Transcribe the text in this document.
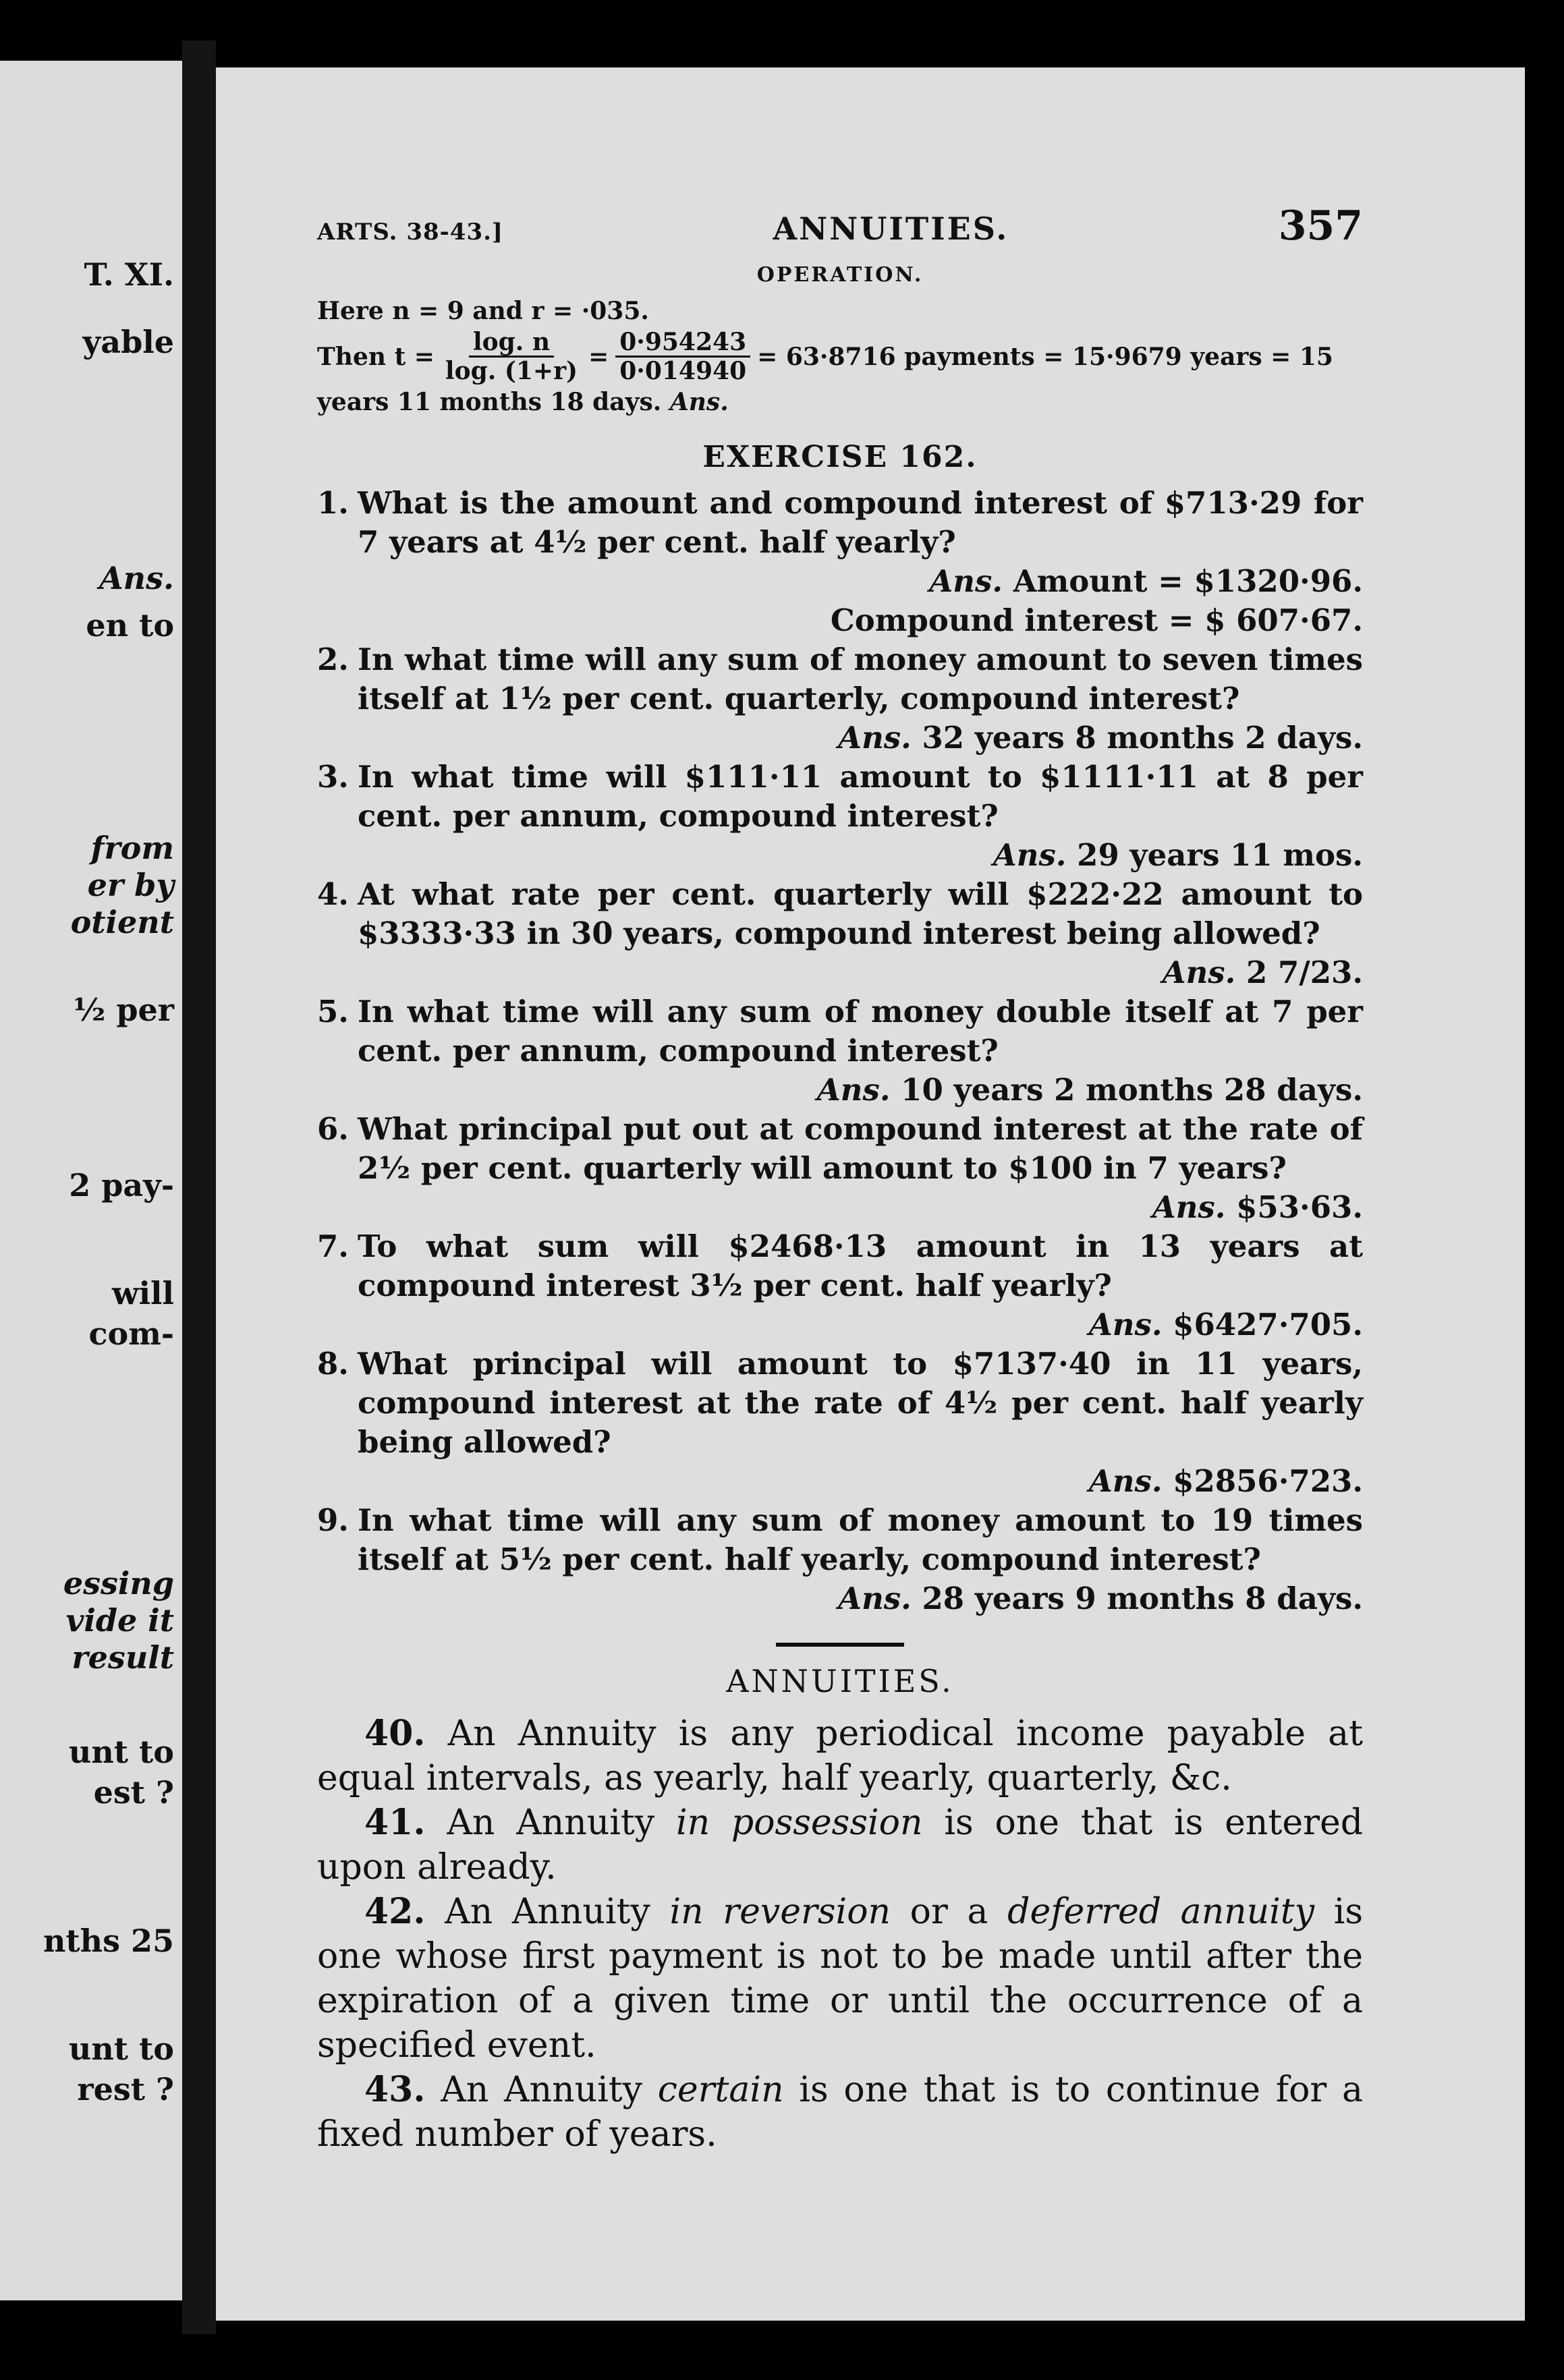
T. XI.
yable
Ans.
en to
from
er by
otient
½ per
2 pay-
will
com-
essing
vide it
result
unt to
est ?
nths 25
unt to
rest ?
ARTS. 38-43.]	ANNUITIES.	357
OPERATION.
Here n = 9 and r = ·035.
Then $t = \frac{\log. n}{\log. (1+r)} = \frac{0\cdot 954243}{0\cdot 014940} = 63\cdot 8716$ payments = 15·9679 years = 15
years 11 months 18 days. Ans.
EXERCISE 162.
1. What is the amount and compound interest of $713·29 for 7 years at 4½ per cent. half yearly?
Ans. Amount = $1320·96.
Compound interest = $ 607·67.
2. In what time will any sum of money amount to seven times itself at 1½ per cent. quarterly, compound interest?
Ans. 32 years 8 months 2 days.
3. In what time will $111·11 amount to $1111·11 at 8 per cent. per annum, compound interest?
Ans. 29 years 11 mos.
4. At what rate per cent. quarterly will $222·22 amount to $3333·33 in 30 years, compound interest being allowed?
Ans. 2 7/23.
5. In what time will any sum of money double itself at 7 per cent. per annum, compound interest?
Ans. 10 years 2 months 28 days.
6. What principal put out at compound interest at the rate of 2½ per cent. quarterly will amount to $100 in 7 years?
Ans. $53·63.
7. To what sum will $2468·13 amount in 13 years at compound interest 3½ per cent. half yearly?
Ans. $6427·705.
8. What principal will amount to $7137·40 in 11 years, compound interest at the rate of 4½ per cent. half yearly being allowed?
Ans. $2856·723.
9. In what time will any sum of money amount to 19 times itself at 5½ per cent. half yearly, compound interest?
Ans. 28 years 9 months 8 days.
ANNUITIES.

40. An Annuity is any periodical income payable at equal intervals, as yearly, half yearly, quarterly, &c.

41. An Annuity in possession is one that is entered upon already.

42. An Annuity in reversion or a deferred annuity is one whose first payment is not to be made until after the expiration of a given time or until the occurrence of a specified event.

43. An Annuity certain is one that is to continue for a fixed number of years.
